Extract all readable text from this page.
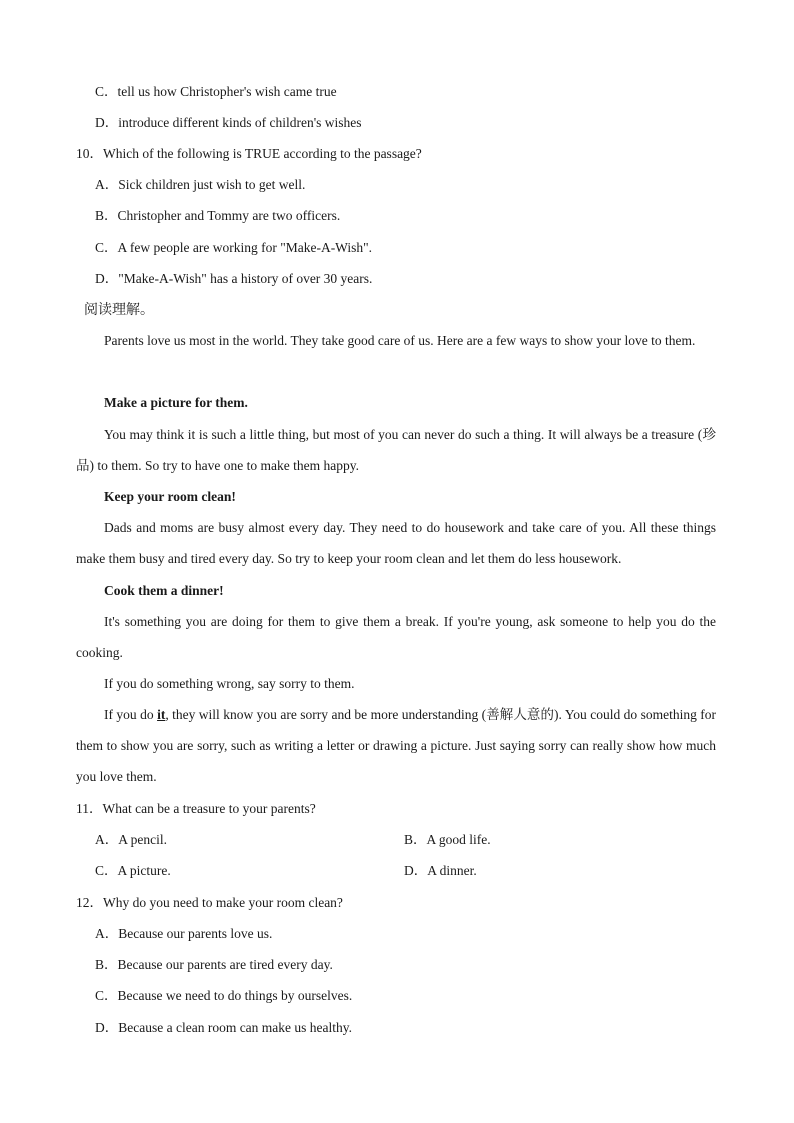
C．tell us how Christopher's wish came true
D．introduce different kinds of children's wishes
10．Which of the following is TRUE according to the passage?
A．Sick children just wish to get well.
B．Christopher and Tommy are two officers.
C．A few people are working for "Make-A-Wish".
D．"Make-A-Wish" has a history of over 30 years.
阅读理解。
Parents love us most in the world. They take good care of us. Here are a few ways to show your love to them.
Make a picture for them.
You may think it is such a little thing, but most of you can never do such a thing. It will always be a treasure (珍品) to them. So try to have one to make them happy.
Keep your room clean!
Dads and moms are busy almost every day. They need to do housework and take care of you. All these things make them busy and tired every day. So try to keep your room clean and let them do less housework.
Cook them a dinner!
It's something you are doing for them to give them a break. If you're young, ask someone to help you do the cooking.
If you do something wrong, say sorry to them.
If you do it, they will know you are sorry and be more understanding (善解人意的). You could do something for them to show you are sorry, such as writing a letter or drawing a picture. Just saying sorry can really show how much you love them.
11．What can be a treasure to your parents?
A．A pencil.	B．A good life.
C．A picture.	D．A dinner.
12．Why do you need to make your room clean?
A．Because our parents love us.
B．Because our parents are tired every day.
C．Because we need to do things by ourselves.
D．Because a clean room can make us healthy.
